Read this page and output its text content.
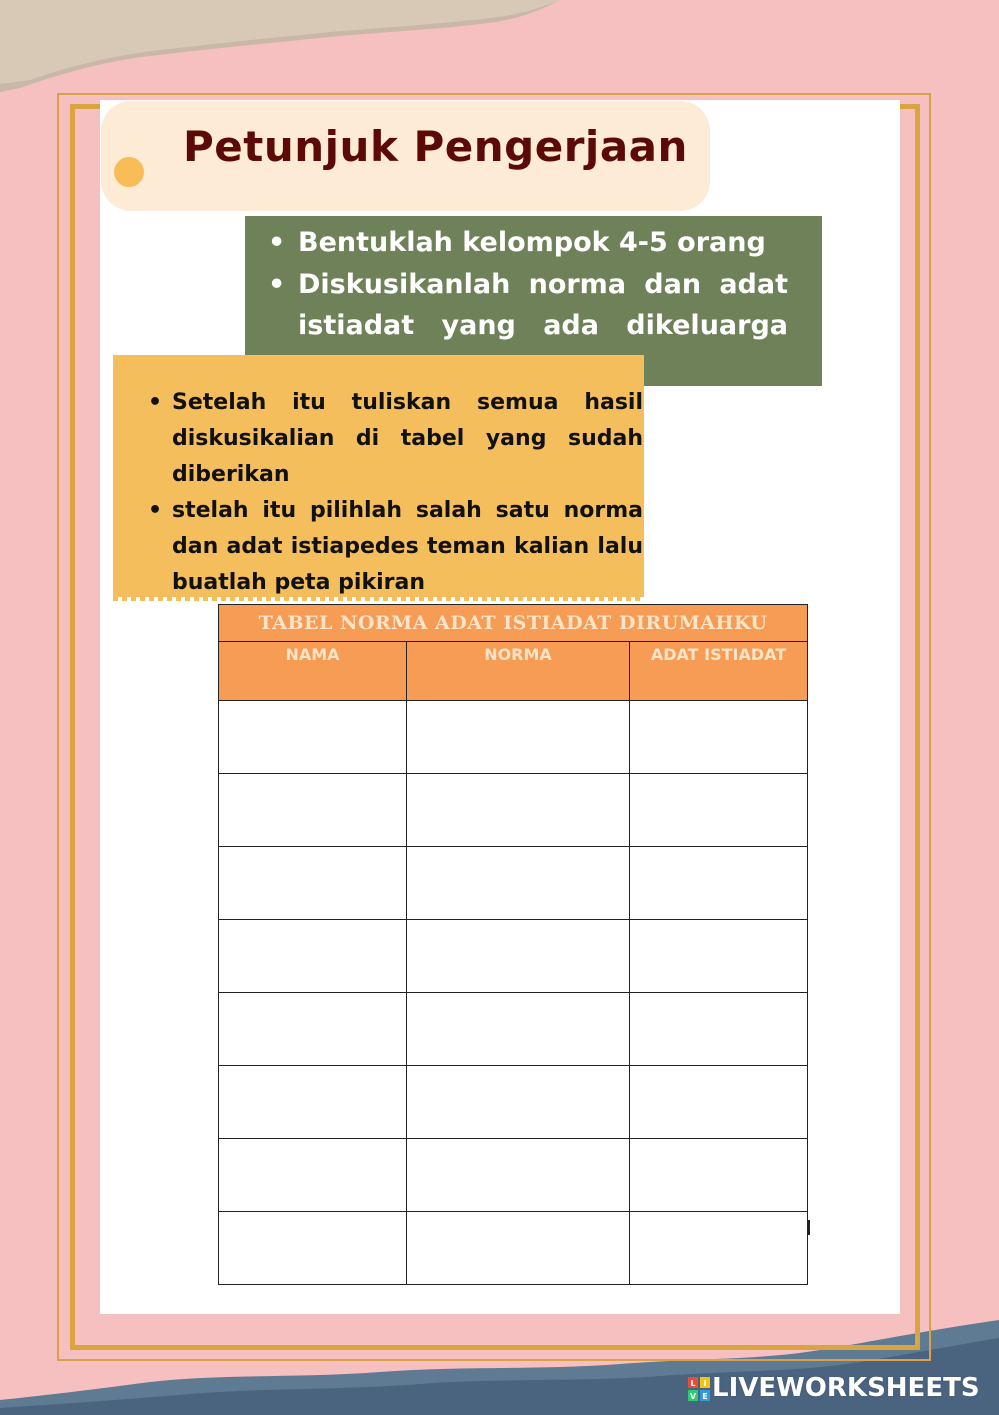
Petunjuk Pengerjaan
• Bentuklah kelompok 4-5 orang
• Diskusikanlah norma dan adat istiadat yang ada dikeluarga
• Setelah itu tuliskan semua hasil diskusikalian di tabel yang sudah diberikan
• stelah itu pilihlah salah satu norma dan adat istiapedes teman kalian lalu buatlah peta pikiran
TABEL NORMA ADAT ISTIADAT DIRUMAHKU		
NAMA	NORMA	ADAT ISTIADAT

L I
V E LIVEWORKSHEETS
